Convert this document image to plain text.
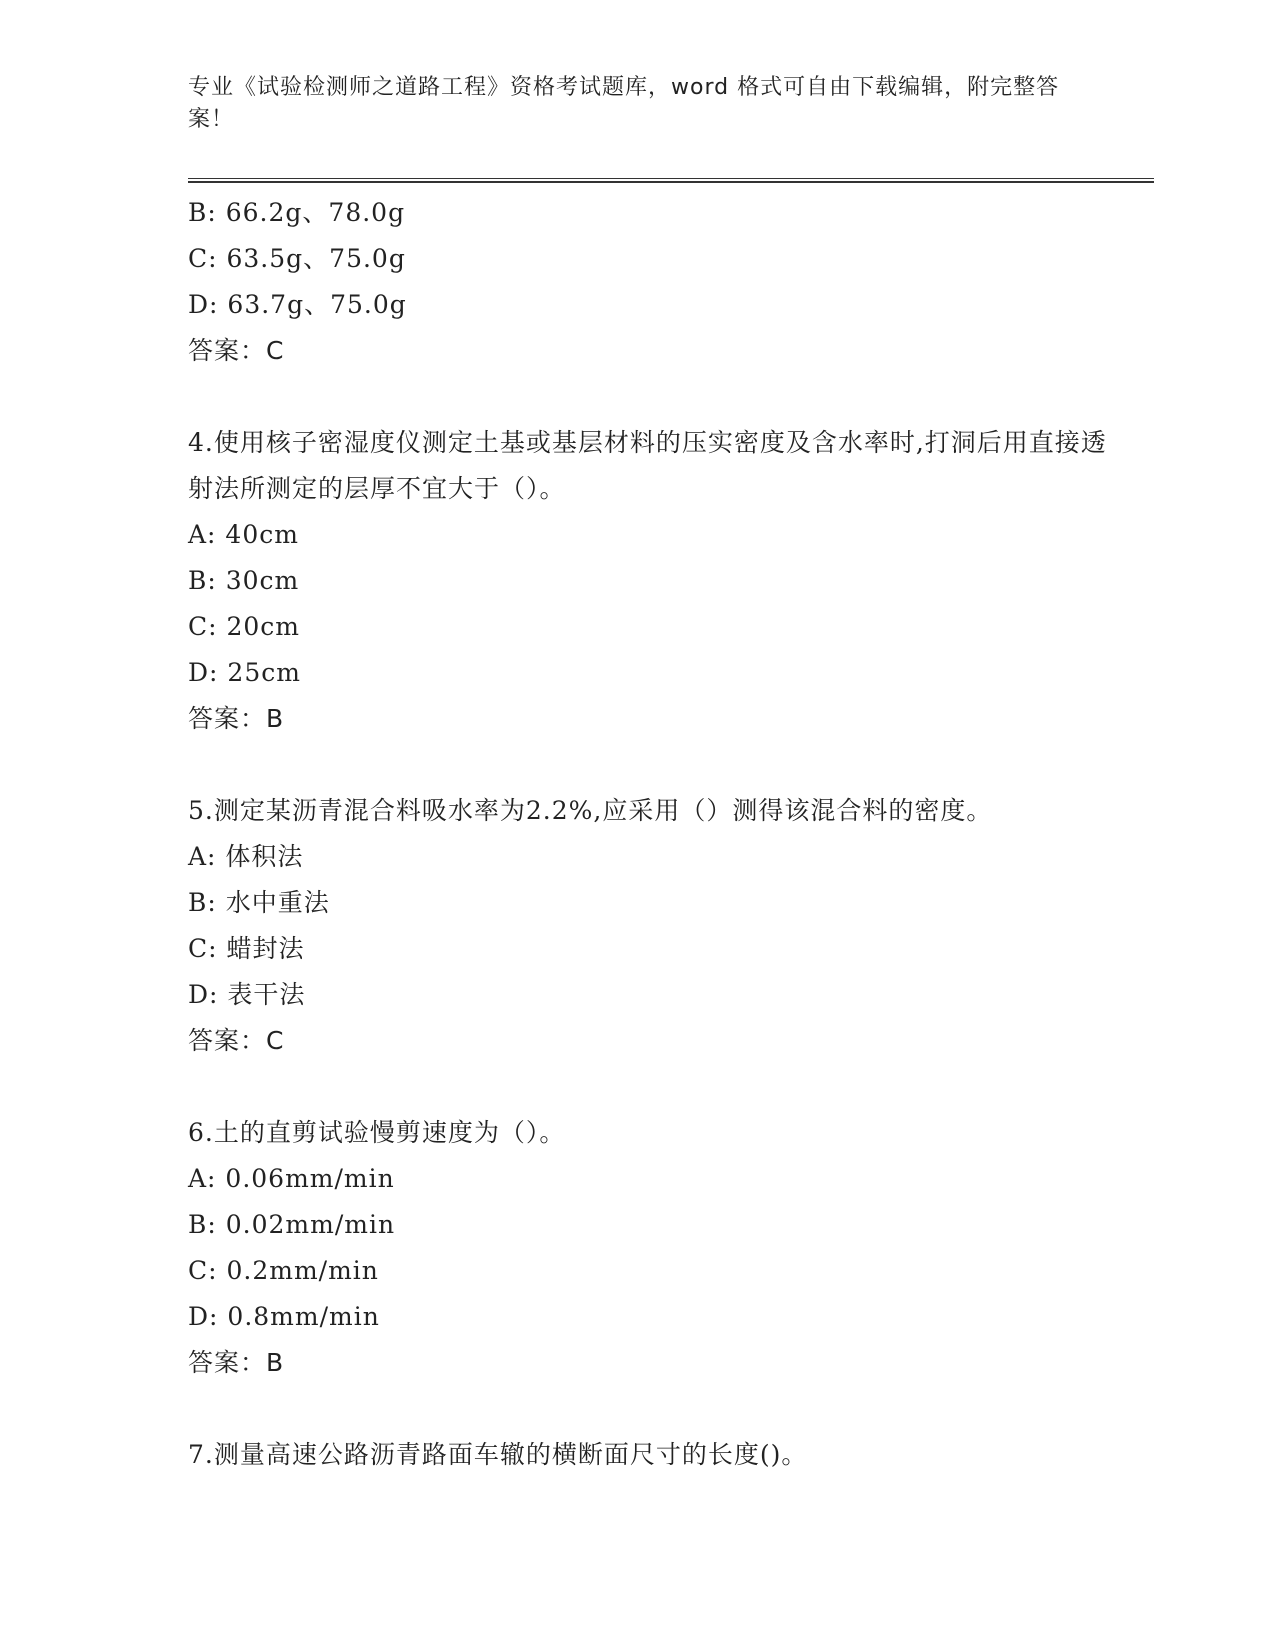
专业《试验检测师之道路工程》资格考试题库，word 格式可自由下载编辑，附完整答案！
B: 66.2g、78.0g
C: 63.5g、75.0g
D: 63.7g、75.0g
答案：C
4.使用核子密湿度仪测定土基或基层材料的压实密度及含水率时,打洞后用直接透射法所测定的层厚不宜大于（）。
A: 40cm
B: 30cm
C: 20cm
D: 25cm
答案：B
5.测定某沥青混合料吸水率为2.2%,应采用（）测得该混合料的密度。
A: 体积法
B: 水中重法
C: 蜡封法
D: 表干法
答案：C
6.土的直剪试验慢剪速度为（）。
A: 0.06mm/min
B: 0.02mm/min
C: 0.2mm/min
D: 0.8mm/min
答案：B
7.测量高速公路沥青路面车辙的横断面尺寸的长度()。
